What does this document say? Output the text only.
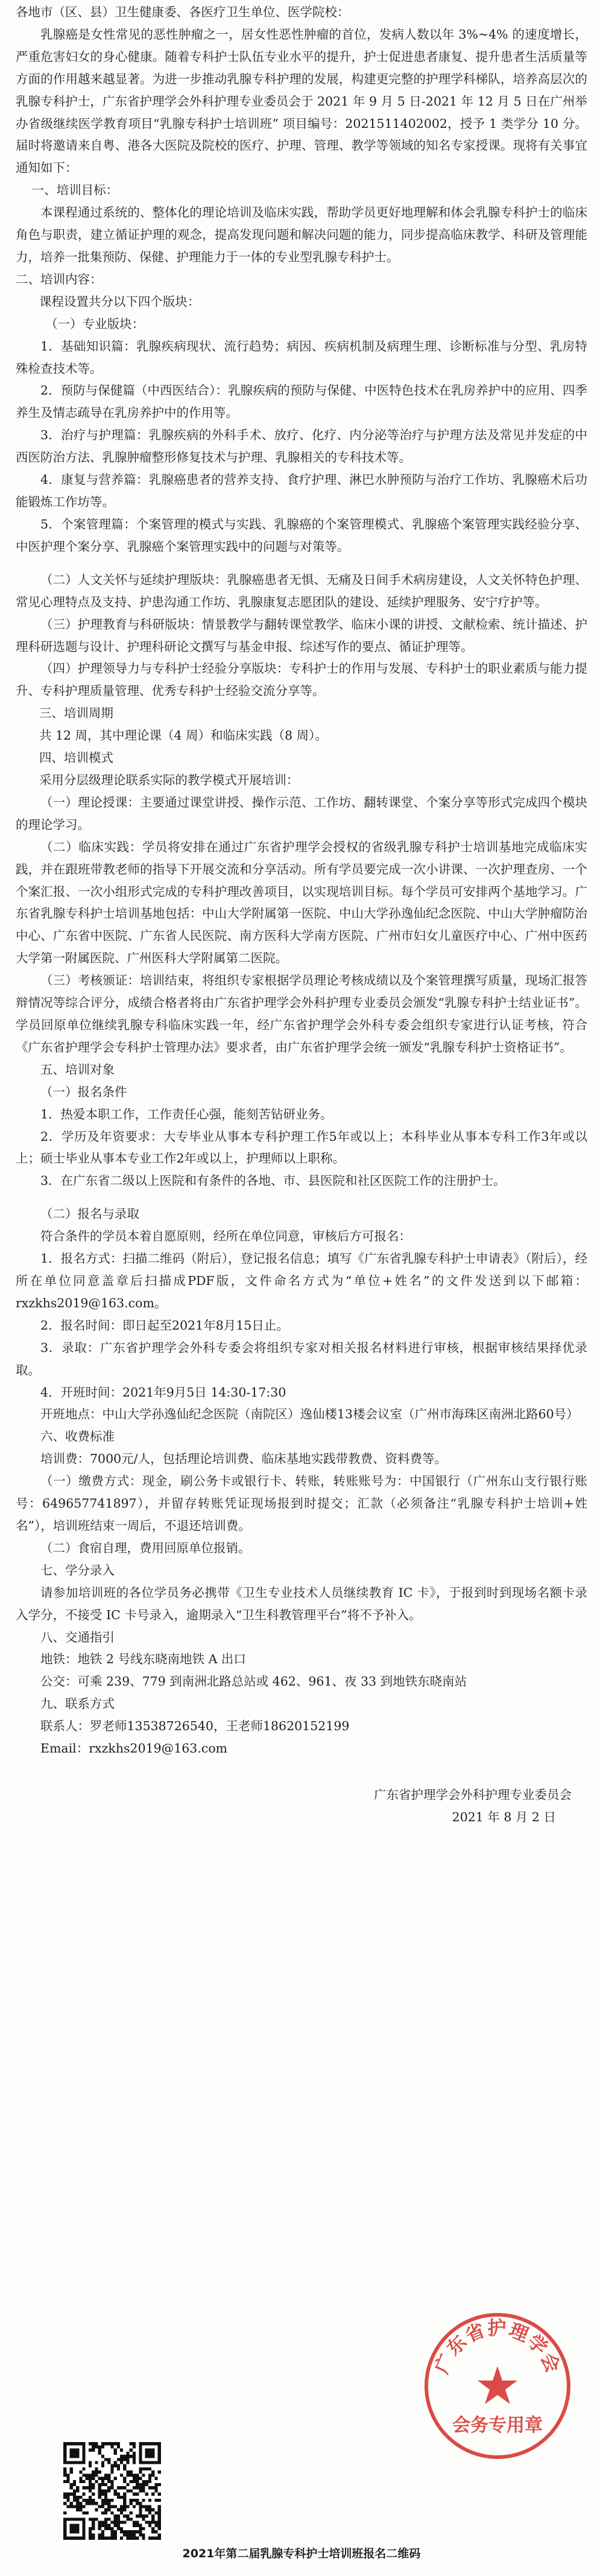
各地市（区、县）卫生健康委、各医疗卫生单位、医学院校：

乳腺癌是女性常见的恶性肿瘤之一，居女性恶性肿瘤的首位，发病人数以年 3%~4% 的速度增长，严重危害妇女的身心健康。随着专科护士队伍专业水平的提升，护士促进患者康复、提升患者生活质量等方面的作用越来越显著。为进一步推动乳腺专科护理的发展，构建更完整的护理学科梯队，培养高层次的乳腺专科护士，广东省护理学会外科护理专业委员会于 2021 年 9 月 5 日-2021 年 12 月 5 日在广州举办省级继续医学教育项目“乳腺专科护士培训班” 项目编号：2021511402002，授予 1 类学分 10 分。届时将邀请来自粤、港各大医院及院校的医疗、护理、管理、教学等领域的知名专家授课。现将有关事宜通知如下：

一、培训目标：

本课程通过系统的、整体化的理论培训及临床实践，帮助学员更好地理解和体会乳腺专科护士的临床角色与职责，建立循证护理的观念，提高发现问题和解决问题的能力，同步提高临床教学、科研及管理能力，培养一批集预防、保健、护理能力于一体的专业型乳腺专科护士。

二、培训内容：

课程设置共分以下四个版块：

（一）专业版块：

1．基础知识篇：乳腺疾病现状、流行趋势；病因、疾病机制及病理生理、诊断标准与分型、乳房特殊检查技术等。

2．预防与保健篇（中西医结合）：乳腺疾病的预防与保健、中医特色技术在乳房养护中的应用、四季养生及情志疏导在乳房养护中的作用等。

3．治疗与护理篇：乳腺疾病的外科手术、放疗、化疗、内分泌等治疗与护理方法及常见并发症的中西医防治方法、乳腺肿瘤整形修复技术与护理、乳腺相关的专科技术等。

4．康复与营养篇：乳腺癌患者的营养支持、食疗护理、淋巴水肿预防与治疗工作坊、乳腺癌术后功能锻炼工作坊等。

5．个案管理篇：个案管理的模式与实践、乳腺癌的个案管理模式、乳腺癌个案管理实践经验分享、中医护理个案分享、乳腺癌个案管理实践中的问题与对策等。

（二）人文关怀与延续护理版块：乳腺癌患者无惧、无痛及日间手术病房建设，人文关怀特色护理、常见心理特点及支持、护患沟通工作坊、乳腺康复志愿团队的建设、延续护理服务、安宁疗护等。

（三）护理教育与科研版块：情景教学与翻转课堂教学、临床小课的讲授、文献检索、统计描述、护理科研选题与设计、护理科研论文撰写与基金申报、综述写作的要点、循证护理等。

（四）护理领导力与专科护士经验分享版块：专科护士的作用与发展、专科护士的职业素质与能力提升、专科护理质量管理、优秀专科护士经验交流分享等。

三、培训周期

共 12 周，其中理论课（4 周）和临床实践（8 周）。

四、培训模式

采用分层级理论联系实际的教学模式开展培训：

（一）理论授课：主要通过课堂讲授、操作示范、工作坊、翻转课堂、个案分享等形式完成四个模块的理论学习。

（二）临床实践：学员将安排在通过广东省护理学会授权的省级乳腺专科护士培训基地完成临床实践，并在跟班带教老师的指导下开展交流和分享活动。所有学员要完成一次小讲课、一次护理查房、一个个案汇报、一次小组形式完成的专科护理改善项目，以实现培训目标。每个学员可安排两个基地学习。广东省乳腺专科护士培训基地包括：中山大学附属第一医院、中山大学孙逸仙纪念医院、中山大学肿瘤防治中心、广东省中医院、广东省人民医院、南方医科大学南方医院、广州市妇女儿童医疗中心、广州中医药大学第一附属医院、广州医科大学附属第二医院。

（三）考核颁证：培训结束，将组织专家根据学员理论考核成绩以及个案管理撰写质量，现场汇报答辩情况等综合评分，成绩合格者将由广东省护理学会外科护理专业委员会颁发“乳腺专科护士结业证书”。学员回原单位继续乳腺专科临床实践一年，经广东省护理学会外科专委会组织专家进行认证考核，符合《广东省护理学会专科护士管理办法》要求者，由广东省护理学会统一颁发“乳腺专科护士资格证书”。

五、培训对象

（一）报名条件

1．热爱本职工作，工作责任心强，能刻苦钻研业务。

2．学历及年资要求：大专毕业从事本专科护理工作5年或以上；本科毕业从事本专科工作3年或以上；硕士毕业从事本专业工作2年或以上，护理师以上职称。

3．在广东省二级以上医院和有条件的各地、市、县医院和社区医院工作的注册护士。

（二）报名与录取

符合条件的学员本着自愿原则，经所在单位同意，审核后方可报名：

1．报名方式：扫描二维码（附后），登记报名信息；填写《广东省乳腺专科护士申请表》（附后），经所在单位同意盖章后扫描成PDF版，文件命名方式为“单位+姓名”的文件发送到以下邮箱：rxzkhs2019@163.com。

2．报名时间：即日起至2021年8月15日止。

3．录取：广东省护理学会外科专委会将组织专家对相关报名材料进行审核，根据审核结果择优录取。

4．开班时间：2021年9月5日 14:30-17:30

开班地点：中山大学孙逸仙纪念医院（南院区）逸仙楼13楼会议室（广州市海珠区南洲北路60号）

六、收费标准

培训费：7000元/人，包括理论培训费、临床基地实践带教费、资料费等。

（一）缴费方式：现金，刷公务卡或银行卡、转账，转账账号为：中国银行（广州东山支行银行账号：649657741897），并留存转账凭证现场报到时提交；汇款（必须备注“乳腺专科护士培训+姓名”），培训班结束一周后，不退还培训费。

（二）食宿自理，费用回原单位报销。

七、学分录入

请参加培训班的各位学员务必携带《卫生专业技术人员继续教育 IC 卡》，于报到时到现场名额卡录入学分，不接受 IC 卡号录入，逾期录入“卫生科教管理平台”将不予补入。

八、交通指引

地铁：地铁 2 号线东晓南地铁 A 出口

公交：可乘 239、779 到南洲北路总站或 462、961、夜 33 到地铁东晓南站

九、联系方式

联系人：罗老师13538726540，王老师18620152199

Email：rxzkhs2019@163.com

广东省护理学会外科护理专业委员会

2021 年 8 月 2 日

广东省护理学会
会务专用章
2021年第二届乳腺专科护士培训班报名二维码
